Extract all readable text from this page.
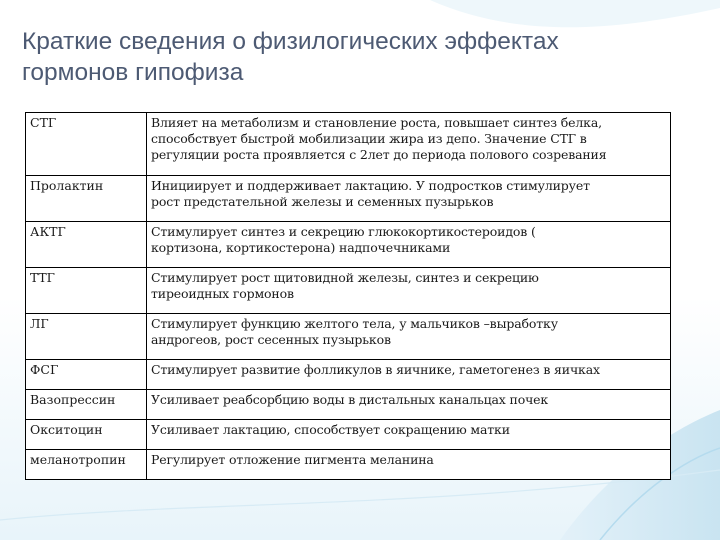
Краткие сведения о физилогических эффектах
гормонов гипофиза
СТГ	Влияет на метаболизм и становление роста, повышает синтез белка,
способствует быстрой мобилизации жира из депо. Значение СТГ в
регуляции роста проявляется с 2лет до периода полового созревания

Пролактин	Инициирует и поддерживает лактацию. У подростков стимулирует
рост предстательной железы и семенных пузырьков

АКТГ	Стимулирует синтез и секрецию глюкокортикостероидов (
кортизона, кортикостерона) надпочечниками

ТТГ	Стимулирует рост щитовидной железы, синтез и секрецию
тиреоидных гормонов

ЛГ	Стимулирует функцию желтого тела, у мальчиков –выработку
андрогеов, рост сесенных пузырьков

ФСГ	Стимулирует развитие фолликулов в яичнике, гаметогенез в яичках

Вазопрессин	Усиливает реабсорбцию воды в дистальных канальцах почек

Окситоцин	Усиливает лактацию, способствует сокращению матки

меланотропин	Регулирует отложение пигмента меланина
